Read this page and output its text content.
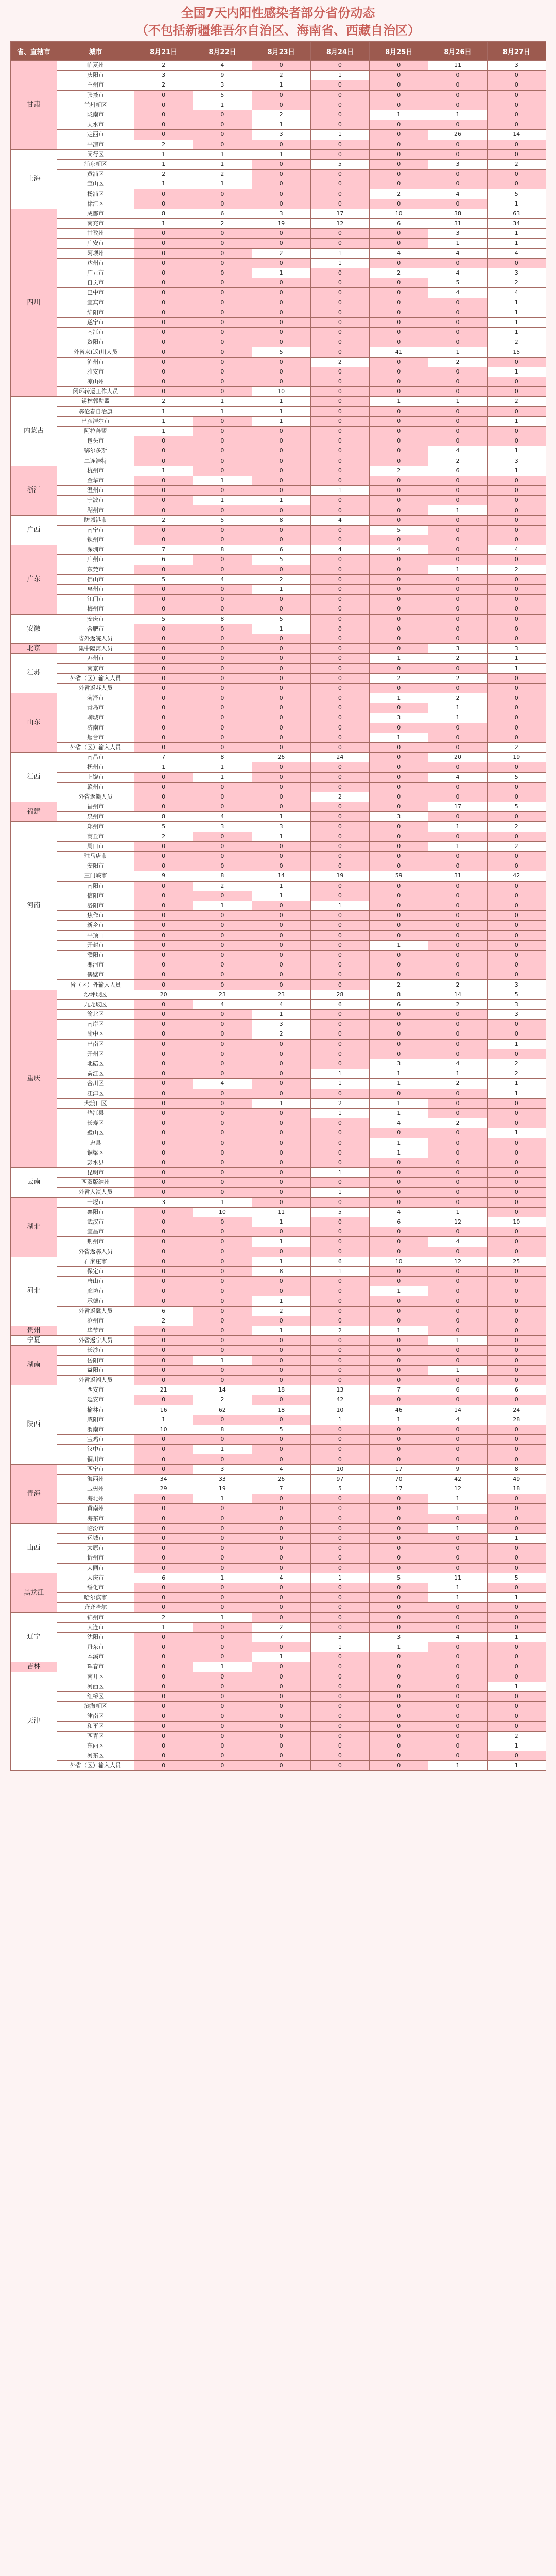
全国7天内阳性感染者部分省份动态
（不包括新疆维吾尔自治区、海南省、西藏自治区）
省、直辖市	城市	8月21日	8月22日	8月23日	8月24日	8月25日	8月26日	8月27日
甘肃	临夏州	2	4	0	0	0	11	3
	庆阳市	3	9	2	1	0	0	0
	兰州市	2	3	1	0	0	0	0
	张掖市	0	5	0	0	0	0	0
	兰州新区	0	1	0	0	0	0	0
	陇南市	0	0	2	0	1	1	0
	天水市	0	0	1	0	0	0	0
	定西市	0	0	3	1	0	26	14
	平凉市	2	0	0	0	0	0	0
上海	闵行区	1	1	1	0	0	0	0
	浦东新区	1	1	0	5	0	3	2
	黄浦区	2	2	0	0	0	0	0
	宝山区	1	1	0	0	0	0	0
	杨浦区	0	0	0	0	2	4	5
	徐汇区	0	0	0	0	0	0	1
四川	成都市	8	6	3	17	10	38	63
	南充市	1	2	19	12	6	31	34
	甘孜州	0	0	0	0	0	3	1
	广安市	0	0	0	0	0	1	1
	阿坝州	0	0	2	1	4	4	4
	达州市	0	0	0	1	0	0	0
	广元市	0	0	1	0	2	4	3
	自贡市	0	0	0	0	0	5	2
	巴中市	0	0	0	0	0	4	4
	宜宾市	0	0	0	0	0	0	1
	绵阳市	0	0	0	0	0	0	1
	遂宁市	0	0	0	0	0	0	1
	内江市	0	0	0	0	0	0	1
	资阳市	0	0	0	0	0	0	2
	外省来(返)川人员	0	0	5	0	41	1	15
	泸州市	0	0	0	2	0	2	0
	雅安市	0	0	0	0	0	0	1
	凉山州	0	0	0	0	0	0	0
	闭环转运工作人员	0	0	10	0	0	0	0
内蒙古	锡林郭勒盟	2	1	1	0	1	1	2
	鄂伦春自治旗	1	1	1	0	0	0	0
	巴彦淖尔市	1	0	1	0	0	0	1
	阿拉善盟	1	0	0	0	0	0	0
	包头市	0	0	0	0	0	0	0
	鄂尔多斯	0	0	0	0	0	4	1
	二连浩特	0	0	0	0	0	2	3
浙江	杭州市	1	0	0	0	2	6	1
	金华市	0	1	0	0	0	0	0
	温州市	0	0	0	1	0	0	0
	宁波市	0	1	1	0	0	0	0
	湖州市	0	0	0	0	0	1	0
广西	防城港市	2	5	8	4	0	0	0
	南宁市	0	0	0	0	5	0	0
	钦州市	0	0	0	0	0	0	0
广东	深圳市	7	8	6	4	4	0	4
	广州市	6	0	5	0	0	0	0
	东莞市	0	0	0	0	0	1	2
	佛山市	5	4	2	0	0	0	0
	惠州市	0	0	1	0	0	0	0
	江门市	0	0	0	0	0	0	0
	梅州市	0	0	0	0	0	0	0
安徽	安庆市	5	8	5	0	0	0	0
	合肥市	0	0	1	0	0	0	0
	省外返皖人员	0	0	0	0	0	0	0
北京	集中隔离人员	0	0	0	0	0	3	3
江苏	苏州市	0	0	0	0	1	2	1
	南京市	0	0	0	0	0	0	1
	外省（区）输入人员	0	0	0	0	2	2	0
	外省返苏人员	0	0	0	0	0	0	0
山东	菏泽市	0	0	0	0	1	2	0
	青岛市	0	0	0	0	0	1	0
	聊城市	0	0	0	0	3	1	0
	济南市	0	0	0	0	0	0	0
	烟台市	0	0	0	0	1	0	0
	外省（区）输入人员	0	0	0	0	0	0	2
江西	南昌市	7	8	26	24	0	20	19
	抚州市	1	1	0	0	0	0	0
	上饶市	0	1	0	0	0	4	5
	赣州市	0	0	0	0	0	0	0
	外省返赣人员	0	0	0	2	0	0	0
福建	福州市	0	0	0	0	0	17	5
	泉州市	8	4	1	0	3	0	0
河南	郑州市	5	3	3	0	0	1	2
	商丘市	2	0	1	0	0	0	0
	周口市	0	0	0	0	0	1	2
	驻马店市	0	0	0	0	0	0	0
	安阳市	0	0	0	0	0	0	0
	三门峡市	9	8	14	19	59	31	42
	南阳市	0	2	1	0	0	0	0
	信阳市	0	0	1	0	0	0	0
	洛阳市	0	1	0	1	0	0	0
	焦作市	0	0	0	0	0	0	0
	新乡市	0	0	0	0	0	0	0
	平顶山	0	0	0	0	0	0	0
	开封市	0	0	0	0	1	0	0
	濮阳市	0	0	0	0	0	0	0
	漯河市	0	0	0	0	0	0	0
	鹤壁市	0	0	0	0	0	0	0
	省（区）外输入人员	0	0	0	0	2	2	3
重庆	沙坪坝区	20	23	23	28	8	14	5
	九龙坡区	0	4	4	6	6	2	3
	渝北区	0	0	1	0	0	0	3
	南岸区	0	0	3	0	0	0	0
	渝中区	0	0	2	0	0	0	0
	巴南区	0	0	0	0	0	0	1
	开州区	0	0	0	0	0	0	0
	北碚区	0	0	0	0	3	4	2
	綦江区	0	0	0	1	1	1	2
	合川区	0	4	0	1	1	2	1
	江津区	0	0	0	0	0	0	1
	大渡口区	0	0	1	2	1	0	0
	垫江县	0	0	0	1	1	0	0
	长寿区	0	0	0	0	4	2	0
	璧山区	0	0	0	0	0	0	1
	忠县	0	0	0	0	1	0	0
	铜梁区	0	0	0	0	1	0	0
	彭水县	0	0	0	0	0	0	0
云南	昆明市	0	0	0	1	0	0	0
	西双版纳州	0	0	0	0	0	0	0
	外省入滇人员	0	0	0	1	0	0	0
湖北	十堰市	3	1	0	0	0	0	0
	襄阳市	0	10	11	5	4	1	0
	武汉市	0	0	1	0	6	12	10
	宜昌市	0	0	0	0	0	0	0
	荆州市	0	0	1	0	0	4	0
	外省返鄂人员	0	0	0	0	0	0	0
河北	石家庄市	0	0	1	6	10	12	25
	保定市	0	0	8	1	0	0	0
	唐山市	0	0	0	0	0	0	0
	廊坊市	0	0	0	0	1	0	0
	承德市	0	0	1	0	0	0	0
	外省返冀人员	6	0	2	0	0	0	0
	沧州市	2	0	0	0	0	0	0
贵州	毕节市	0	0	1	2	1	0	0
宁夏	外省返宁人员	0	0	0	0	0	1	0
湖南	长沙市	0	0	0	0	0	0	0
	岳阳市	0	1	0	0	0	0	0
	益阳市	0	0	0	0	0	1	0
	外省返湘人员	0	0	0	0	0	0	0
陕西	西安市	21	14	18	13	7	6	6
	延安市	0	2	0	42	0	0	0
	榆林市	16	62	18	10	46	14	24
	咸阳市	1	0	0	1	1	4	28
	渭南市	10	8	5	0	0	0	0
	宝鸡市	0	0	0	0	0	0	0
	汉中市	0	1	0	0	0	0	0
	铜川市	0	0	0	0	0	0	0
青海	西宁市	0	3	4	10	17	9	8
	海西州	34	33	26	97	70	42	49
	玉树州	29	19	7	5	17	12	18
	海北州	0	1	0	0	0	1	0
	黄南州	0	0	0	0	0	1	0
	海东市	0	0	0	0	0	0	0
山西	临汾市	0	0	0	0	0	1	0
	运城市	0	0	0	0	0	0	1
	太原市	0	0	0	0	0	0	0
	忻州市	0	0	0	0	0	0	0
	大同市	0	0	0	0	0	0	0
黑龙江	大庆市	6	1	4	1	5	11	5
	绥化市	0	0	0	0	0	1	0
	哈尔滨市	0	0	0	0	0	1	1
	齐齐哈尔	0	0	0	0	0	0	0
辽宁	锦州市	2	1	0	0	0	0	0
	大连市	1	0	2	0	0	0	0
	沈阳市	0	0	7	5	3	4	1
	丹东市	0	0	0	1	1	0	0
	本溪市	0	0	1	0	0	0	0
吉林	珲春市	0	1	0	0	0	0	0
天津	南开区	0	0	0	0	0	0	0
	河西区	0	0	0	0	0	0	1
	红桥区	0	0	0	0	0	0	0
	滨海新区	0	0	0	0	0	0	0
	津南区	0	0	0	0	0	0	0
	和平区	0	0	0	0	0	0	0
	西青区	0	0	0	0	0	0	2
	东丽区	0	0	0	0	0	0	1
	河东区	0	0	0	0	0	0	0
	外省（区）输入人员	0	0	0	0	0	1	1
